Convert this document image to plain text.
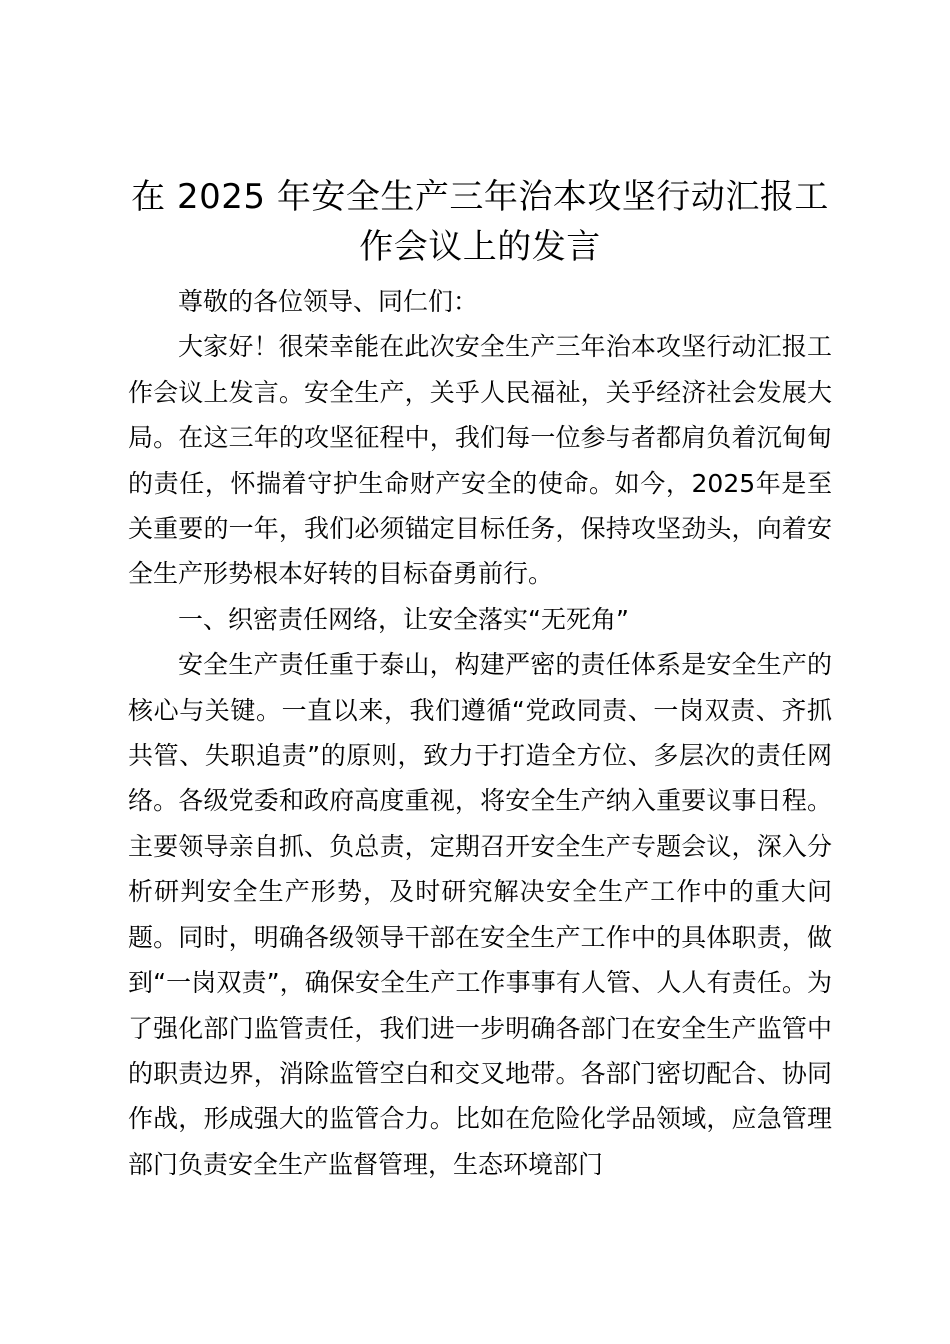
在 2025 年安全生产三年治本攻坚行动汇报工作会议上的发言

尊敬的各位领导、同仁们：

大家好！很荣幸能在此次安全生产三年治本攻坚行动汇报工作会议上发言。安全生产，关乎人民福祉，关乎经济社会发展大局。在这三年的攻坚征程中，我们每一位参与者都肩负着沉甸甸的责任，怀揣着守护生命财产安全的使命。如今，2025年是至关重要的一年，我们必须锚定目标任务，保持攻坚劲头，向着安全生产形势根本好转的目标奋勇前行。

一、织密责任网络，让安全落实“无死角”

安全生产责任重于泰山，构建严密的责任体系是安全生产的核心与关键。一直以来，我们遵循“党政同责、一岗双责、齐抓共管、失职追责”的原则，致力于打造全方位、多层次的责任网络。各级党委和政府高度重视，将安全生产纳入重要议事日程。主要领导亲自抓、负总责，定期召开安全生产专题会议，深入分析研判安全生产形势，及时研究解决安全生产工作中的重大问题。同时，明确各级领导干部在安全生产工作中的具体职责，做到“一岗双责”，确保安全生产工作事事有人管、人人有责任。为了强化部门监管责任，我们进一步明确各部门在安全生产监管中的职责边界，消除监管空白和交叉地带。各部门密切配合、协同作战，形成强大的监管合力。比如在危险化学品领域，应急管理部门负责安全生产监督管理，生态环境部门
